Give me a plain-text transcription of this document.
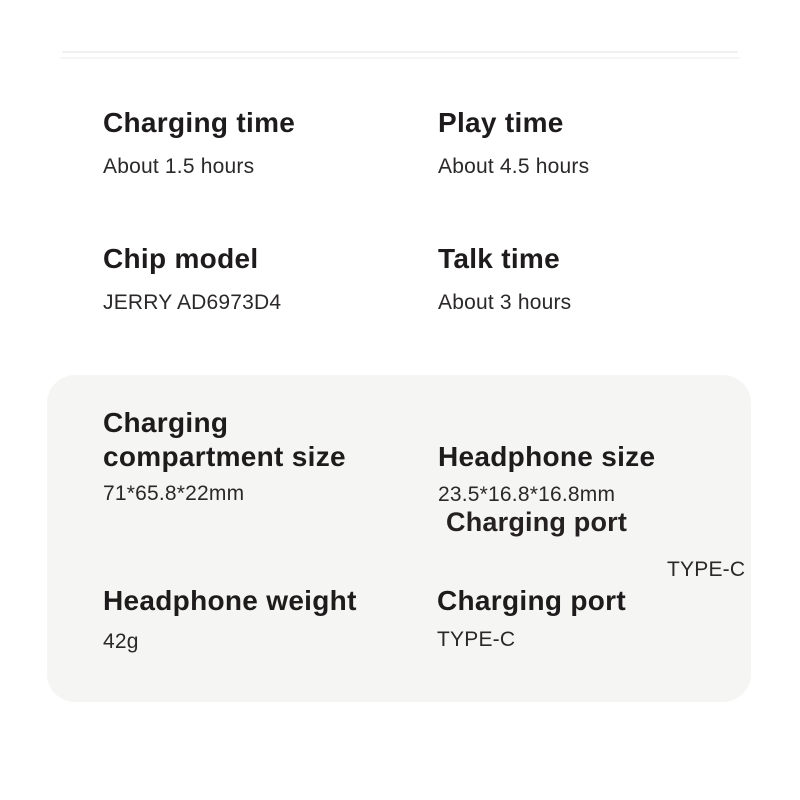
Charging time
About 1.5 hours
Play time
About 4.5 hours
Chip model
JERRY AD6973D4
Talk time
About 3 hours
Charging compartment size
71*65.8*22mm
Headphone size
23.5*16.8*16.8mm
Charging port
TYPE-C
Headphone weight
42g
Charging port
TYPE-C
